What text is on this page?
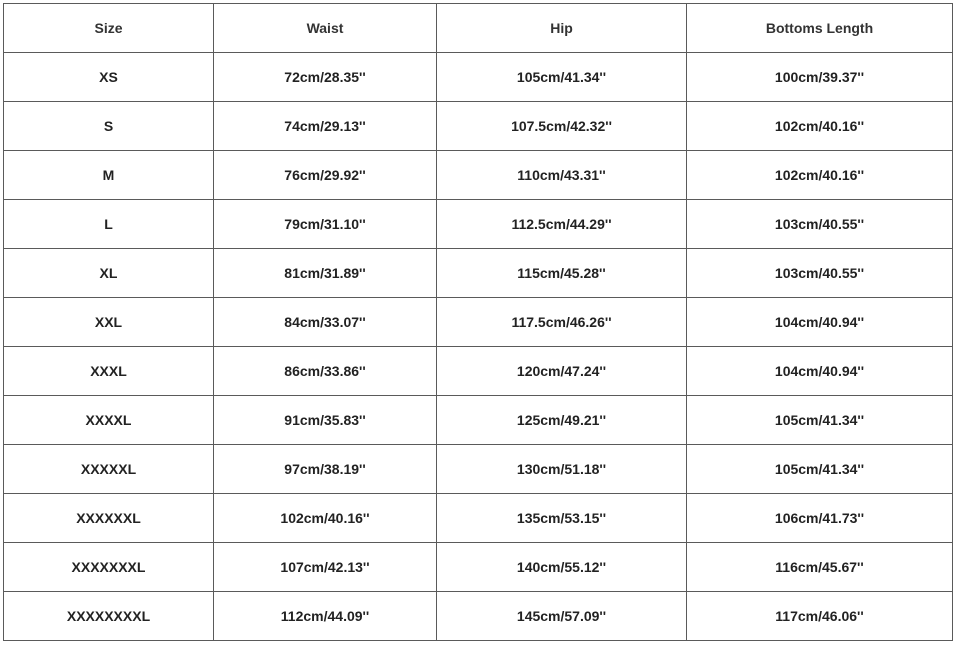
Size	Waist	Hip	Bottoms Length
XS	72cm/28.35''	105cm/41.34''	100cm/39.37''
S	74cm/29.13''	107.5cm/42.32''	102cm/40.16''
M	76cm/29.92''	110cm/43.31''	102cm/40.16''
L	79cm/31.10''	112.5cm/44.29''	103cm/40.55''
XL	81cm/31.89''	115cm/45.28''	103cm/40.55''
XXL	84cm/33.07''	117.5cm/46.26''	104cm/40.94''
XXXL	86cm/33.86''	120cm/47.24''	104cm/40.94''
XXXXL	91cm/35.83''	125cm/49.21''	105cm/41.34''
XXXXXL	97cm/38.19''	130cm/51.18''	105cm/41.34''
XXXXXXL	102cm/40.16''	135cm/53.15''	106cm/41.73''
XXXXXXXL	107cm/42.13''	140cm/55.12''	116cm/45.67''
XXXXXXXXL	112cm/44.09''	145cm/57.09''	117cm/46.06''
